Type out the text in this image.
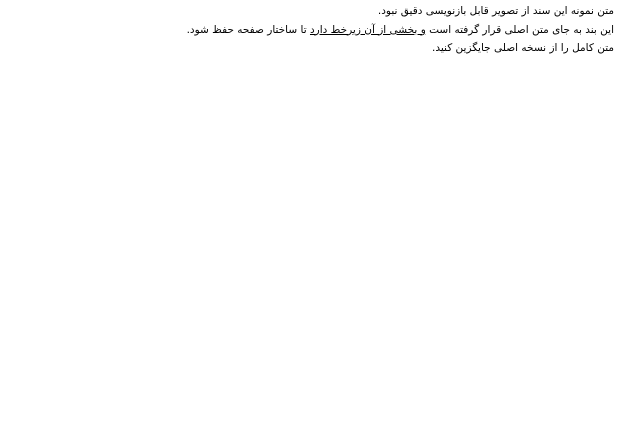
متن نمونه این سند از تصویر قابل بازنویسی دقیق نبود.

این بند به جای متن اصلی قرار گرفته است و بخشی از آن زیرخط دارد تا ساختار صفحه حفظ شود.

متن کامل را از نسخه اصلی جایگزین کنید.
